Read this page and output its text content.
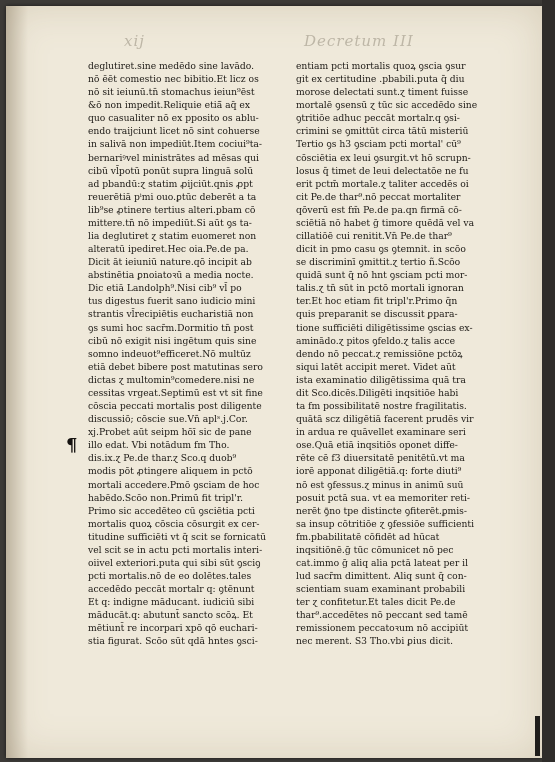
xij	Decretum III
deglutiret.sine medēdo sine lavādo.
nō ēēt comestio nec bibitio.Et licz os
nō sit ieiunū.tn̄ stomachus ieiun⁹ēst
&ō non impedit.Reliquie etiā̄ aq̄ ex
quo casualiter nō ex pposito os ablu-
endo traijciunt licet nō sint cohuerse
in salivā non impediūt.Item cociui⁹ta-
bernariꝰvel ministrātes ad mēsas qui
cibū vl̄potū ponūt supra linguā solū
ad pbandū:ɀ statim ꝓijciūt.qnis ꝓpt
reuerētiā pⁱmi ouo.ꝑtūc deberēt a ta
lib⁹se ꝓtinere tertius alteri.pbam cō
mittere.tn̄ nō impediūt.Si aūt ꝯs ta-
lia deglutiret ɀ statim euomeret non
alteratū ipediret.Hec oia.Pe.de pa.
Dicit āt ieiuniū nature.qō incipit ab
abstinētia ꝑnoiatoꝛū a media nocte.
Dic etiā Landolph⁹.Nisi cib⁹ vl̄ po
tus digestus fuerit sano iudicio mini
strantis vl̄recipiētis eucharistiā non
ꝯs sumi hoc sacr̄m.Dormitio tn̄ post
cibū nō exigit nisi ingētum quis sine
somno indeuot⁹efficeret.Nō multūz
etiā debet bibere post matutinas sero
dictas ɀ multomin⁹comedere.nisi ne
cessitas vrgeat.Septimū est vt sit fine
cōscia peccati mortalis post diligente
discussiō; cōscie sue.Vn̄ aplˢ.j.Cor.
xj.Probet aūt seipm hōī sic de pane
illo edat. Vbi notādum fm Tho.
dis.ix.ɀ Pe.de thar.ɀ Sco.q duob⁹
modis pōt ꝓtingere aliquem in pctō
mortali accedere.Pmō ꝯsciam de hoc
habēdo.Scōo non.Primū fit tripl'r.
Primo sic accedēteo cū ꝯsciētia pcti
mortalis quoꝝ cōscia cōsurgit ex cer-
titudine sufficiēti vt q̄ scit se fornicatū
vel scit se in actu pcti mortalis interi-
oiivel exteriori.puta qui sibi sūt ꝯsciꝯ
pcti mortalis.nō de eo dolētes.tales
accedēdo peccāt mortalr q: ꝯtēnunt
Et q: indigne māducant. iudiciū sibi
māducāt.q: abutunt̄ sancto scōꝝ. Et
mētiunt̄ re incorpari xpō qō euchari-
stia figurat. Scōo sūt qdā hntes ꝯsci-
entiam pcti mortalis quoꝝ ꝯscia ꝯsur
git ex certitudine .pbabili.puta q̄ diu
morose delectati sunt.ɀ timent fuisse
mortalē ꝯsensū ɀ tūc sic accedēdo sine
ꝯtritiōe adhuc peccāt mortalr.q ꝯsi-
crimini se ꝯmittūt circa tātū misteriū
Tertio ꝯs h3 ꝯsciam pcti mortal' cū⁹
cōsciētia ex leui ꝯsurgit.vt hō scrupn-
losus q̄ timet de leui delectatōe ne fu
erit pctm̄ mortale.ɀ taliter accedēs oi
cit Pe.de thar⁹.nō peccat mortaliter
qōverū est fm̄ Pe.de pa.qn firmā cō-
sciētiā nō habet ḡ timore quēdā vel va
cillatiōē cui renitit.Vn̄ Pe.de thar⁹
dicit in pmo casu ꝯs ꝯtemnit. in scōo
se discriminī ꝯmittit.ɀ tertio ñ.Scōo
quidā sunt q̄ nō hnt ꝯsciam pcti mor-
talis.ɀ tn̄ sūt in pctō mortali ignoran
ter.Et hoc etiam fit tripl'r.Primo q̄n
quis preparanit se discussit ꝑpara-
tione sufficiēti diligētissime ꝯscias ex-
aminādo.ɀ pitos ꝯfeldo.ɀ talis acce
dendo nō peccat.ɀ remissiōne pctōꝝ
siqui latēt accipit meret. Videt aūt
ista examinatio diligētissima quā tra
dit Sco.dicēs.Diligēti inqsitiōe habi
ta fm possibilitatē nostre fragilitatis.
quātā scz diligētiā facerent prudēs vir
in ardua re quāvellet examinare seri
ose.Quā etiā inqsitiōs oponet diffe-
rēte cē f3 diuersitatē penitētū.vt ma
iorē apponat diligētiā.q: forte diuti⁹
nō est ꝯfessus.ɀ minus in animū suū
posuit pctā sua. vt ea memoriter reti-
nerēt ꝯ̄no tpe distincte ꝯfiterēt.ꝑmis-
sa insup cōtritiōe ɀ ꝯfessiōe sufficienti
fm.pbabilitatē cōfidēt ad hūcat
inqsitiōnē.ḡ tūc cōmunicet nō pec
cat.immo ḡ aliq alia pctā lateat per il
lud sacr̄m dimittent. Aliq sunt q̄ con-
scientiam suam examinant probabili
ter ɀ confitetur.Et tales dicit Pe.de
thar⁹.accedētes nō peccant sed tamē
remissionem peccatoꝛum nō accipiūt
nec merent. S3 Tho.vbi ꝑius dicit.
¶
